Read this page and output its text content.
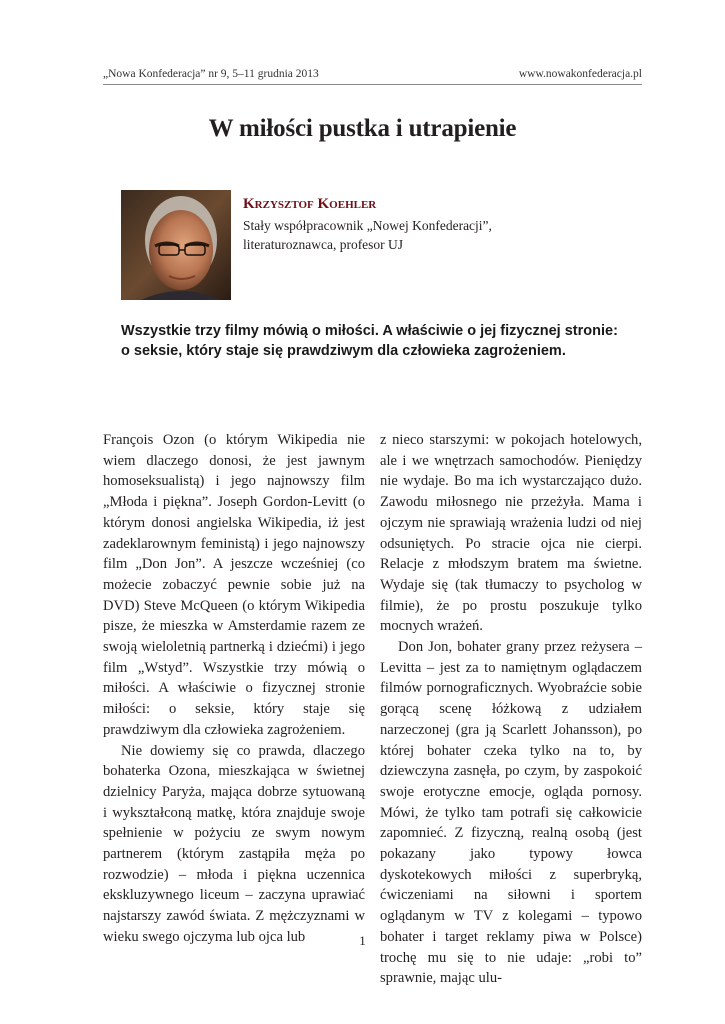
„Nowa Konfederacja” nr 9, 5–11 grudnia 2013	www.nowakonfederacja.pl
W miłości pustka i utrapienie
Krzysztof Koehler
Stały współpracownik „Nowej Konfederacji”,
literaturoznawca, profesor UJ
Wszystkie trzy filmy mówią o miłości. A właściwie o jej fizycznej stronie:
o seksie, który staje się prawdziwym dla człowieka zagrożeniem.

François Ozon (o którym Wikipedia nie wiem dlaczego donosi, że jest jawnym homoseksualistą) i jego najnowszy film „Młoda i piękna”. Joseph Gordon-Levitt (o którym donosi angielska Wikipedia, iż jest zadeklarownym feministą) i jego najnowszy film „Don Jon”. A jeszcze wcześniej (co możecie zobaczyć pewnie sobie już na DVD) Steve McQueen (o którym Wikipedia pisze, że mieszka w Amsterdamie razem ze swoją wieloletnią partnerką i dziećmi) i jego film „Wstyd”. Wszystkie trzy mówią o miłości. A właściwie o fizycznej stronie miłości: o seksie, który staje się prawdziwym dla człowieka zagrożeniem.

Nie dowiemy się co prawda, dlaczego bohaterka Ozona, mieszkająca w świetnej dzielnicy Paryża, mająca dobrze sytuowaną i wykształconą matkę, która znajduje swoje spełnienie w pożyciu ze swym nowym partnerem (którym zastąpiła męża po rozwodzie) – młoda i piękna uczennica ekskluzywnego liceum – zaczyna uprawiać najstarszy zawód świata. Z mężczyznami w wieku swego ojczyma lub ojca lub

z nieco starszymi: w pokojach hotelowych, ale i we wnętrzach samochodów. Pieniędzy nie wydaje. Bo ma ich wystarczająco dużo. Zawodu miłosnego nie przeżyła. Mama i ojczym nie sprawiają wrażenia ludzi od niej odsuniętych. Po stracie ojca nie cierpi. Relacje z młodszym bratem ma świetne. Wydaje się (tak tłumaczy to psycholog w filmie), że po prostu poszukuje tylko mocnych wrażeń.

Don Jon, bohater grany przez reżysera – Levitta – jest za to namiętnym oglądaczem filmów pornograficznych. Wyobraźcie sobie gorącą scenę łóżkową z udziałem narzeczonej (gra ją Scarlett Johansson), po której bohater czeka tylko na to, by dziewczyna zasnęła, po czym, by zaspokoić swoje erotyczne emocje, ogląda pornosy. Mówi, że tylko tam potrafi się całkowicie zapomnieć. Z fizyczną, realną osobą (jest pokazany jako typowy łowca dyskotekowych miłości z superbryką, ćwiczeniami na siłowni i sportem oglądanym w TV z kolegami – typowo bohater i target reklamy piwa w Polsce) trochę mu się to nie udaje: „robi to” sprawnie, mając ulu-

1
